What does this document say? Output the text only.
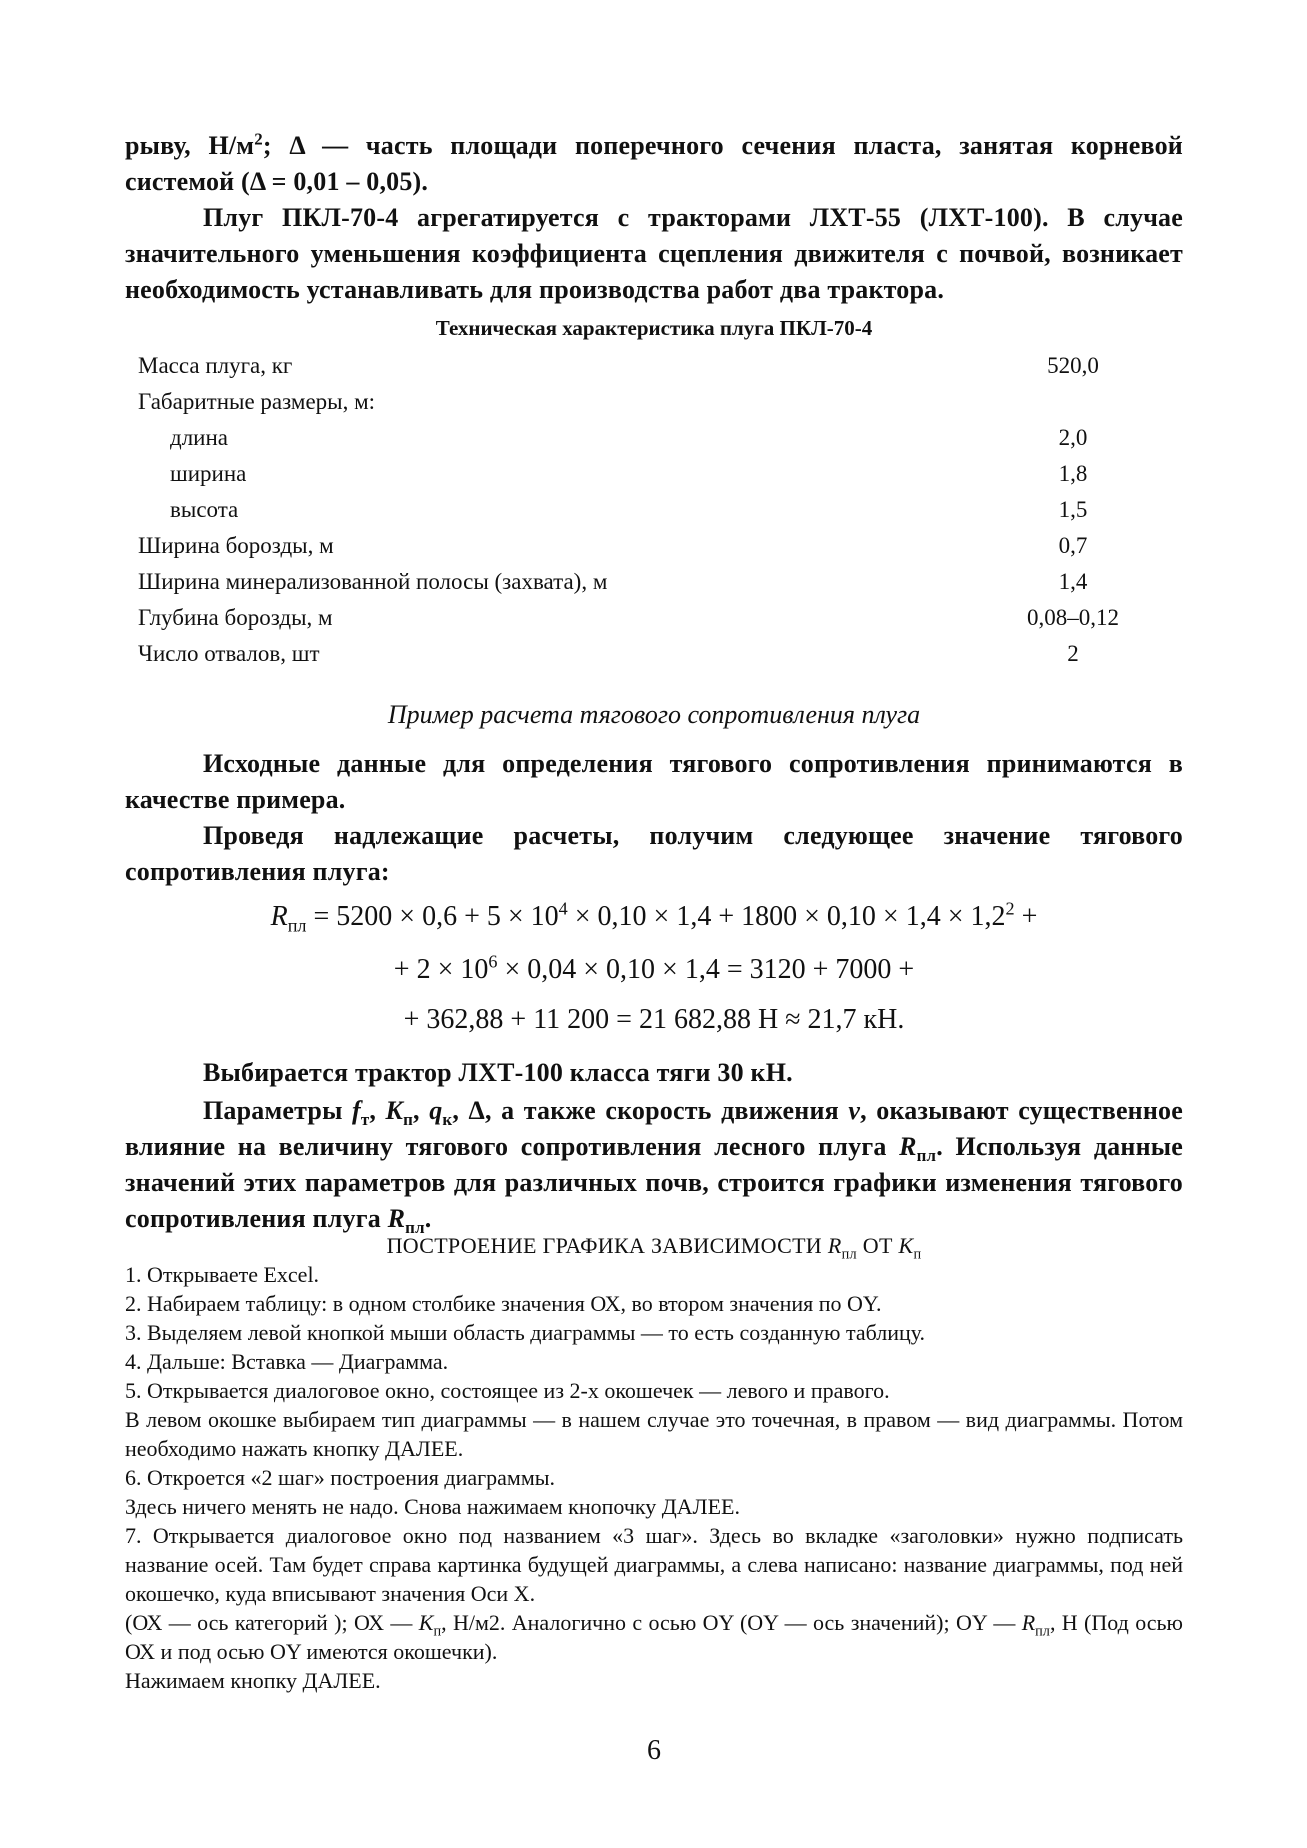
рыву, $Н/м^2$; Δ — часть площади поперечного сечения пласта, занятая корневой системой (Δ = 0,01 – 0,05).

Плуг ПКЛ-70-4 агрегатируется с тракторами ЛХТ-55 (ЛХТ-100). В случае значительного уменьшения коэффициента сцепления движителя с почвой, возникает необходимость устанавливать для производства работ два трактора.

Техническая характеристика плуга ПКЛ-70-4

Масса плуга, кг	520,0
Габаритные размеры, м:
длина	2,0
ширина	1,8
высота	1,5
Ширина борозды, м	0,7
Ширина минерализованной полосы (захвата), м	1,4
Глубина борозды, м	0,08–0,12
Число отвалов, шт	2

Пример расчета тягового сопротивления плуга

Исходные данные для определения тягового сопротивления принимаются в качестве примера.

Проведя надлежащие расчеты, получим следующее значение тягового сопротивления плуга:

$R_{пл} = 5200 \times 0,6 + 5 \times 10^4 \times 0,10 \times 1,4 + 1800 \times 0,10 \times 1,4 \times 1,2^2$ +

+ $2 \times 10^6 \times 0,04 \times 0,10 \times 1,4 = 3120 + 7000$ +

+ 362,88 + 11 200 = 21 682,88 Н ≈ 21,7 кН.

Выбирается трактор ЛХТ-100 класса тяги 30 кН.

Параметры $f_т$, $K_п$, $q_к$, Δ, а также скорость движения v, оказывают существенное влияние на величину тягового сопротивления лесного плуга $R_{пл}$. Используя данные значений этих параметров для различных почв, строится графики изменения тягового сопротивления плуга $R_{пл}$.

ПОСТРОЕНИЕ ГРАФИКА ЗАВИСИМОСТИ $R_{пл}$ ОТ $K_п$

1. Открываете Excel.

2. Набираем таблицу: в одном столбике значения ОХ, во втором значения по ОY.

3. Выделяем левой кнопкой мыши область диаграммы — то есть созданную таблицу.

4. Дальше: Вставка — Диаграмма.

5. Открывается диалоговое окно, состоящее из 2-х окошечек — левого и правого.

В левом окошке выбираем тип диаграммы — в нашем случае это точечная, в правом — вид диаграммы. Потом необходимо нажать кнопку ДАЛЕЕ.

6. Откроется «2 шаг» построения диаграммы.

Здесь ничего менять не надо. Снова нажимаем кнопочку ДАЛЕЕ.

7. Открывается диалоговое окно под названием «3 шаг». Здесь во вкладке «заголовки» нужно подписать название осей. Там будет справа картинка будущей диаграммы, а слева написано: название диаграммы, под ней окошечко, куда вписывают значения Оси Х.

(ОХ — ось категорий ); ОХ — $K_п$, Н/м2. Аналогично с осью ОY (ОY — ось значений); ОY — $R_{пл}$, Н (Под осью ОХ и под осью ОY имеются окошечки).

Нажимаем кнопку ДАЛЕЕ.

6
